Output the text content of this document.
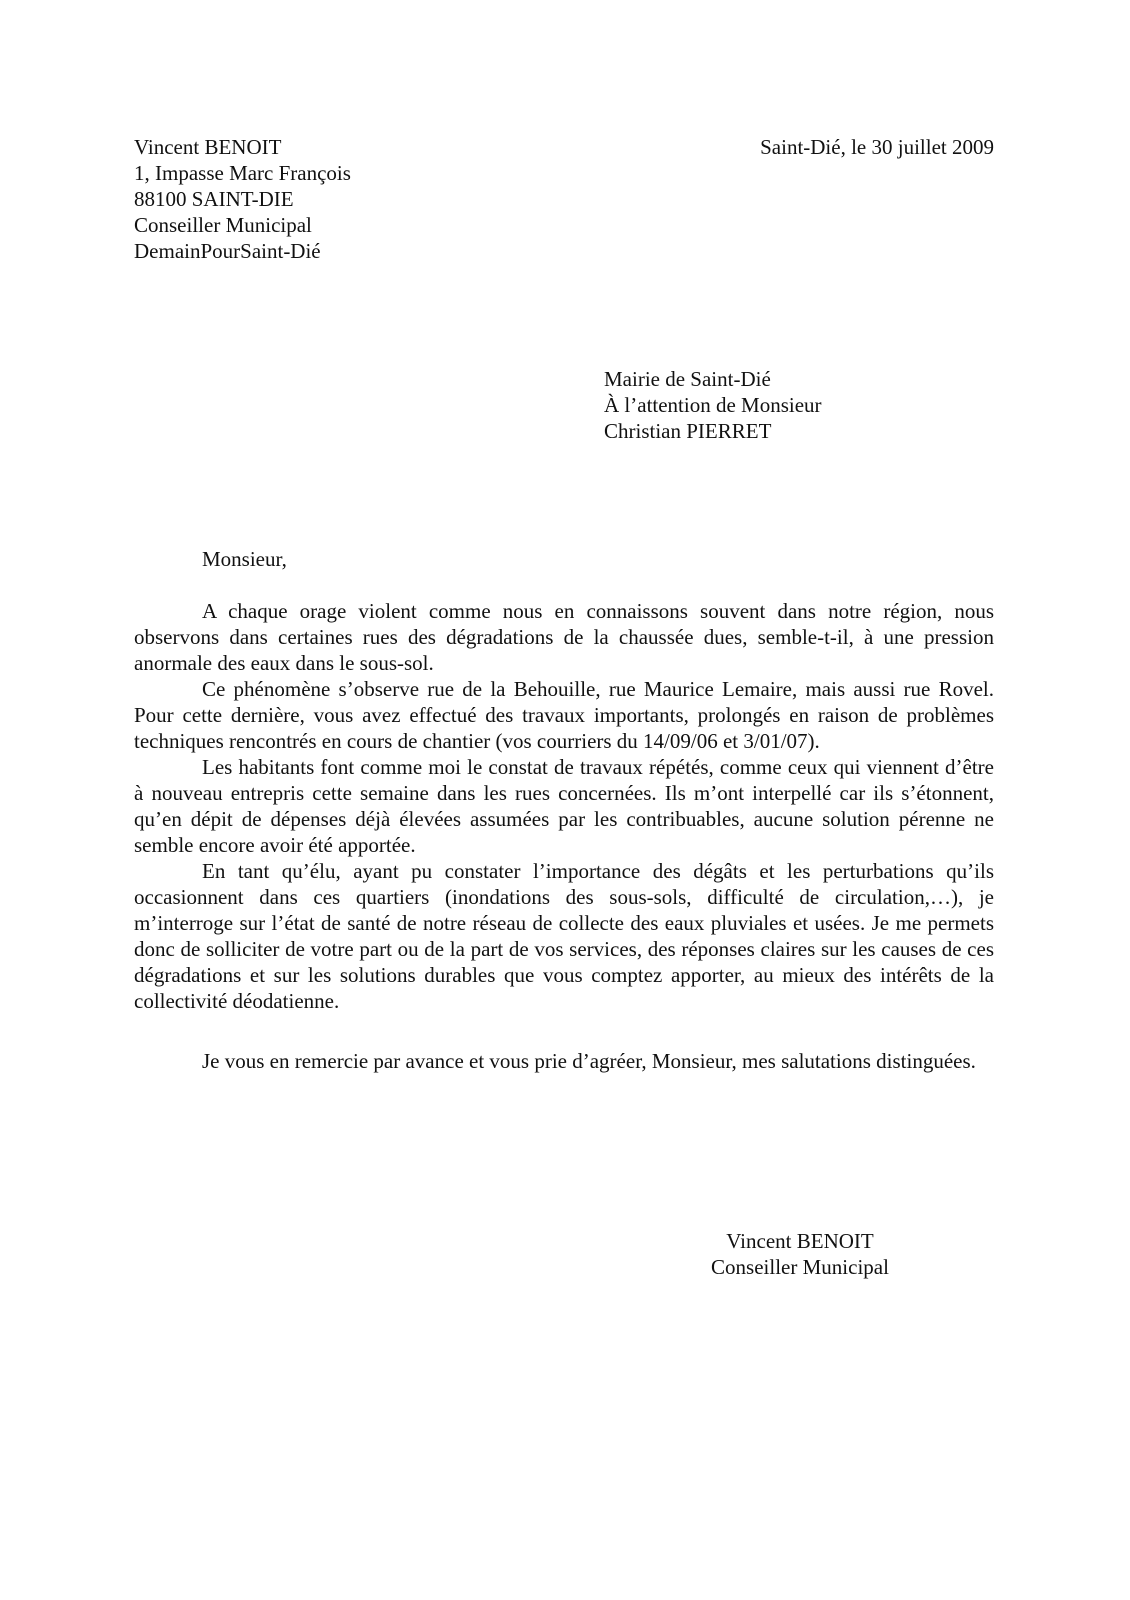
Vincent BENOIT
1, Impasse Marc François
88100 SAINT-DIE
Conseiller Municipal
DemainPourSaint-Dié
Saint-Dié, le 30 juillet 2009
Mairie de Saint-Dié
À l’attention de Monsieur
Christian PIERRET
Monsieur,

A chaque orage violent comme nous en connaissons souvent dans notre région, nous observons dans certaines rues des dégradations de la chaussée dues, semble-t-il, à une pression anormale des eaux dans le sous-sol.

Ce phénomène s’observe rue de la Behouille, rue Maurice Lemaire, mais aussi rue Rovel. Pour cette dernière, vous avez effectué des travaux importants, prolongés en raison de problèmes techniques rencontrés en cours de chantier (vos courriers du 14/09/06 et 3/01/07).

Les habitants font comme moi le constat de travaux répétés, comme ceux qui viennent d’être à nouveau entrepris cette semaine dans les rues concernées. Ils m’ont interpellé car ils s’étonnent, qu’en dépit de dépenses déjà élevées assumées par les contribuables, aucune solution pérenne ne semble encore avoir été apportée.

En tant qu’élu, ayant pu constater l’importance des dégâts et les perturbations qu’ils occasionnent dans ces quartiers (inondations des sous-sols, difficulté de circulation,…), je m’interroge sur l’état de santé de notre réseau de collecte des eaux pluviales et usées. Je me permets donc de solliciter de votre part ou de la part de vos services, des réponses claires sur les causes de ces dégradations et sur les solutions durables que vous comptez apporter, au mieux des intérêts de la collectivité déodatienne.

Je vous en remercie par avance et vous prie d’agréer, Monsieur, mes salutations distinguées.

Vincent BENOIT
Conseiller Municipal
